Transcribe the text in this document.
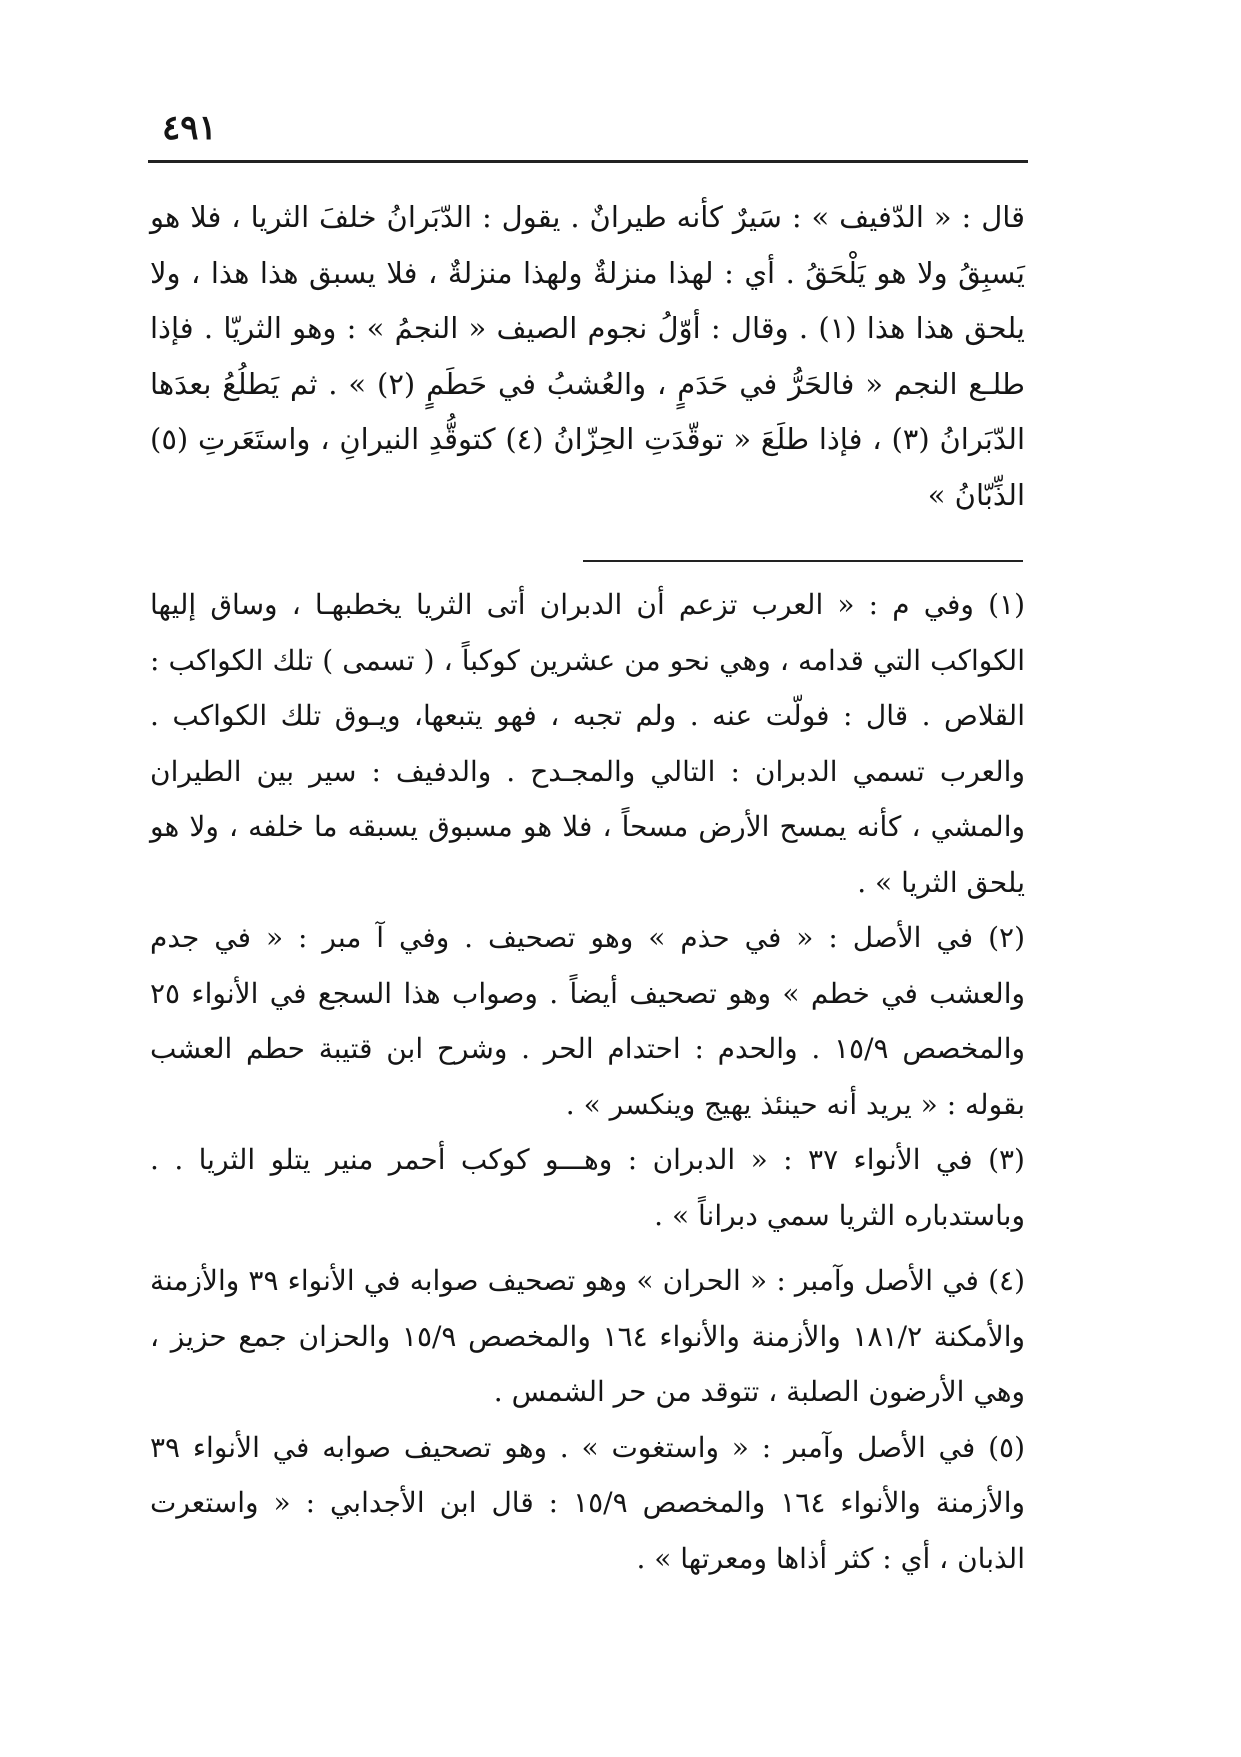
٤٩١

قال : « الدّفيف » : سَيرٌ كأنه طيرانٌ . يقول : الدّبَرانُ خلفَ الثريا ، فلا هو يَسبِقُ ولا هو يَلْحَقُ . أي : لهذا منزلةٌ ولهذا منزلةٌ ، فلا يسبق هذا هذا ، ولا يلحق هذا هذا (١) . وقال : أوّلُ نجوم الصيف « النجمُ » : وهو الثريّا . فإذا طلـع النجم « فالحَرُّ في حَدَمٍ ، والعُشبُ في حَطَمٍ (٢) » . ثم يَطلُعُ بعدَها الدّبَرانُ (٣) ، فإذا طلَعَ « توقّدَتِ الحِزّانُ (٤) كتوقُّدِ النيرانِ ، واستَعَرتِ (٥) الذِّبّانُ »

(١) وفي م : « العرب تزعم أن الدبران أتى الثريا يخطبهـا ، وساق إليها الكواكب التي قدامه ، وهي نحو من عشرين كوكباً ، ( تسمى ) تلك الكواكب : القلاص . قال : فولّت عنه . ولم تجبه ، فهو يتبعها، ويـوق تلك الكواكب . والعرب تسمي الدبران : التالي والمجـدح . والدفيف : سير بين الطيران والمشي ، كأنه يمسح الأرض مسحاً ، فلا هو مسبوق يسبقه ما خلفه ، ولا هو يلحق الثريا » .

(٢) في الأصل : « في حذم » وهو تصحيف . وفي آ مبر : « في جدم والعشب في خطم » وهو تصحيف أيضاً . وصواب هذا السجع في الأنواء ٢٥ والمخصص ١٥/٩ . والحدم : احتدام الحر . وشرح ابن قتيبة حطم العشب بقوله : « يريد أنه حينئذ يهيج وينكسر » .

(٣) في الأنواء ٣٧ : « الدبران : وهـــو كوكب أحمر منير يتلو الثريا . . وباستدباره الثريا سمي دبراناً » .

(٤) في الأصل وآمبر : « الحران » وهو تصحيف صوابه في الأنواء ٣٩ والأزمنة والأمكنة ١٨١/٢ والأزمنة والأنواء ١٦٤ والمخصص ١٥/٩ والحزان جمع حزيز ، وهي الأرضون الصلبة ، تتوقد من حر الشمس .

(٥) في الأصل وآمبر : « واستغوت » . وهو تصحيف صوابه في الأنواء ٣٩ والأزمنة والأنواء ١٦٤ والمخصص ١٥/٩ : قال ابن الأجدابي : « واستعرت الذبان ، أي : كثر أذاها ومعرتها » .
